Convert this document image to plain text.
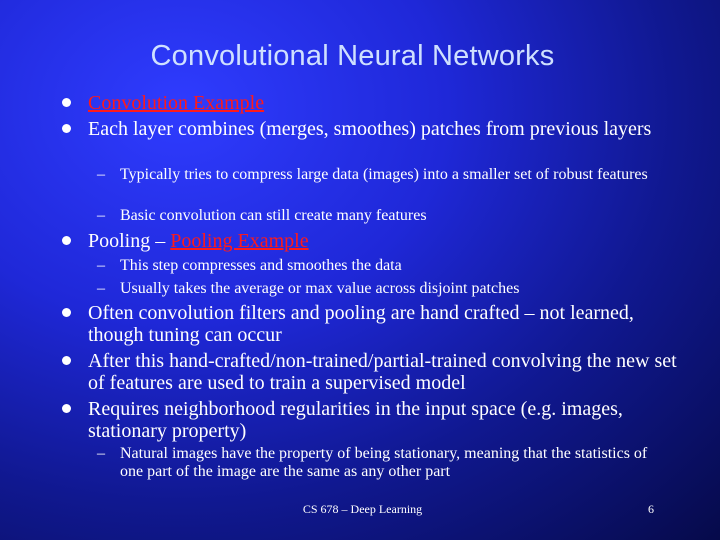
Convolutional Neural Networks
Convolution Example
Each layer combines (merges, smoothes) patches from previous layers
– Typically tries to compress large data (images) into a smaller set of robust features
– Basic convolution can still create many features
Pooling – Pooling Example
– This step compresses and smoothes the data
– Usually takes the average or max value across disjoint patches
Often convolution filters and pooling are hand crafted – not learned, though tuning can occur
After this hand-crafted/non-trained/partial-trained convolving the new set of features are used to train a supervised model
Requires neighborhood regularities in the input space (e.g. images, stationary property)
– Natural images have the property of being stationary, meaning that the statistics of one part of the image are the same as any other part
CS 678 – Deep Learning	6
